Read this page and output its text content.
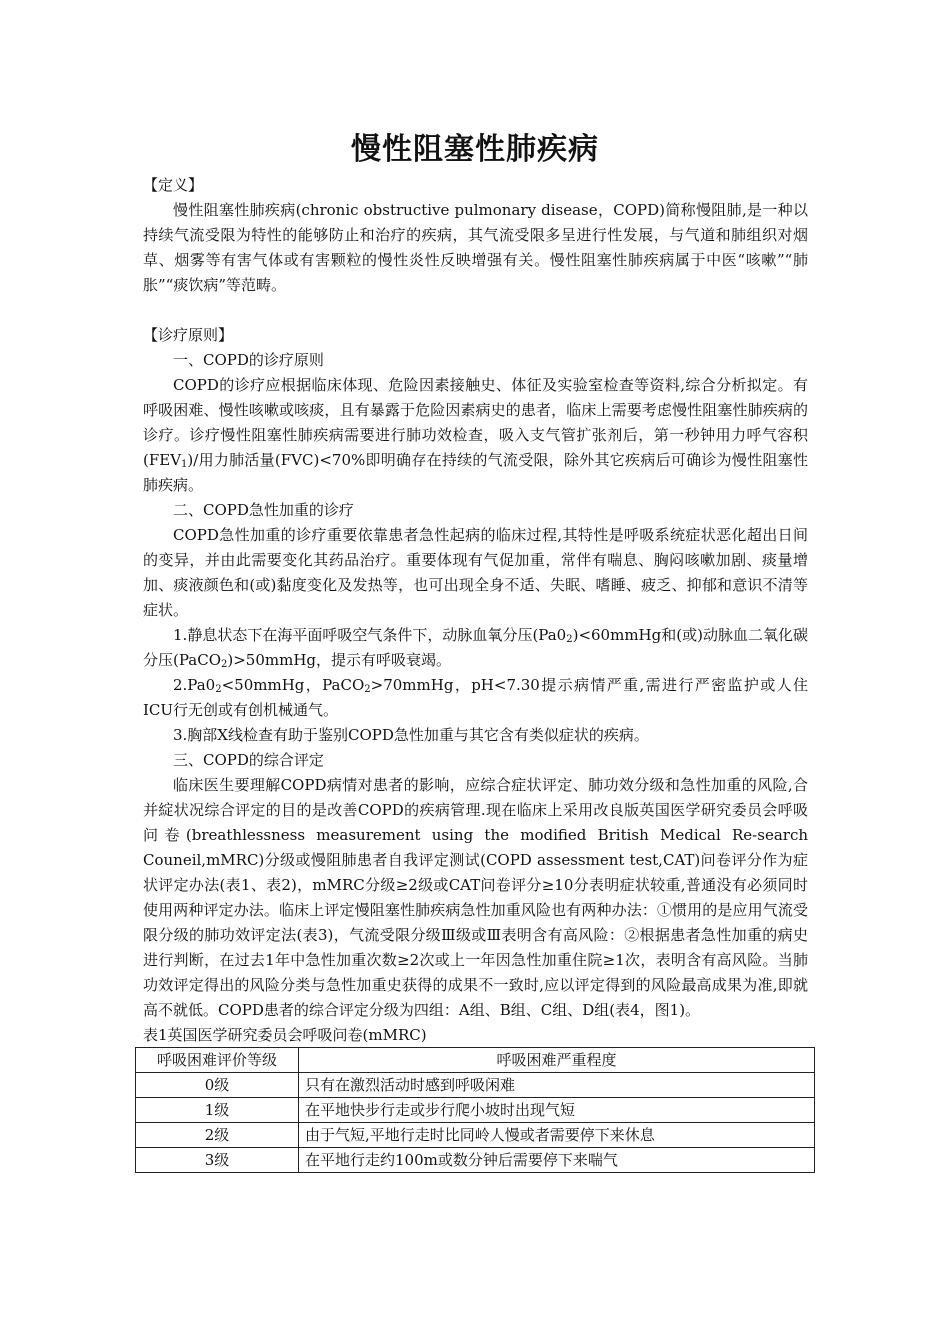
慢性阻塞性肺疾病

【定义】

慢性阻塞性肺疾病(chronic obstructive pulmonary disease，COPD)简称慢阻肺,是一种以持续气流受限为特性的能够防止和治疗的疾病，其气流受限多呈进行性发展，与气道和肺组织对烟草、烟雾等有害气体或有害颗粒的慢性炎性反映增强有关。慢性阻塞性肺疾病属于中医“咳嗽”“肺胀”“痰饮病”等范畴。

【诊疗原则】

一、COPD的诊疗原则

COPD的诊疗应根据临床体现、危险因素接触史、体征及实验室检查等资料,综合分析拟定。有呼吸困难、慢性咳嗽或咳痰，且有暴露于危险因素病史的患者，临床上需要考虑慢性阻塞性肺疾病的诊疗。诊疗慢性阻塞性肺疾病需要进行肺功效检查，吸入支气管扩张剂后，第一秒钟用力呼气容积$(FEV_1)/$用力肺活量(FVC)<70%即明确存在持续的气流受限，除外其它疾病后可确诊为慢性阻塞性肺疾病。

二、COPD急性加重的诊疗

COPD急性加重的诊疗重要依靠患者急性起病的临床过程,其特性是呼吸系统症状恶化超出日间的变异，并由此需要变化其药品治疗。重要体现有气促加重，常伴有喘息、胸闷咳嗽加剧、痰量增加、痰液颜色和(或)黏度变化及发热等，也可出现全身不适、失眠、嗜睡、疲乏、抑郁和意识不清等症状。

1.静息状态下在海平面呼吸空气条件下，动脉血氧分压$(Pa0_2)<60mmHg$和(或)动脉血二氧化碳分压(PaCO$_2$)>50mmHg，提示有呼吸衰竭。

$2.Pa0_2<50mmHg$，PaCO$_2$>70mmHg，pH<7.30提示病情严重,需进行严密监护或人住ICU行无创或有创机械通气。

3.胸部X线检查有助于鉴别COPD急性加重与其它含有类似症状的疾病。

三、COPD的综合评定

临床医生要理解COPD病情对患者的影响，应综合症状评定、肺功效分级和急性加重的风险,合并綻状况综合评定的目的是改善COPD的疾病管理.现在临床上采用改良版英国医学研究委员会呼吸问卷(breathlessness measurement using the modified British Medical Re-search Couneil,mMRC)分级或慢阻肺患者自我评定测试(COPD assessment test,CAT)问卷评分作为症状评定办法(表1、表2)，mMRC分级≥2级或CAT问卷评分≥10分表明症状较重,普通没有必须同时使用两种评定办法。临床上评定慢阻塞性肺疾病急性加重风险也有两种办法：①惯用的是应用气流受限分级的肺功效评定法(表3)，气流受限分级Ⅲ级或Ⅲ表明含有高风险：②根据患者急性加重的病史进行判断，在过去1年中急性加重次数≥2次或上一年因急性加重住院≥1次，表明含有高风险。当肺功效评定得出的风险分类与急性加重史获得的成果不一致时,应以评定得到的风险最高成果为准,即就高不就低。COPD患者的综合评定分级为四组：A组、B组、C组、D组(表4，图1)。

表1英国医学研究委员会呼吸问卷(mMRC)

呼吸困难评价等级	呼吸困难严重程度
0级	只有在激烈活动时感到呼吸闲难
1级	在平地快步行走或步行爬小坡时出现气短
2级	由于气短,平地行走时比同岭人慢或者需要停下来休息
3级	在平地行走约100m或数分钟后需要停下来喘气
